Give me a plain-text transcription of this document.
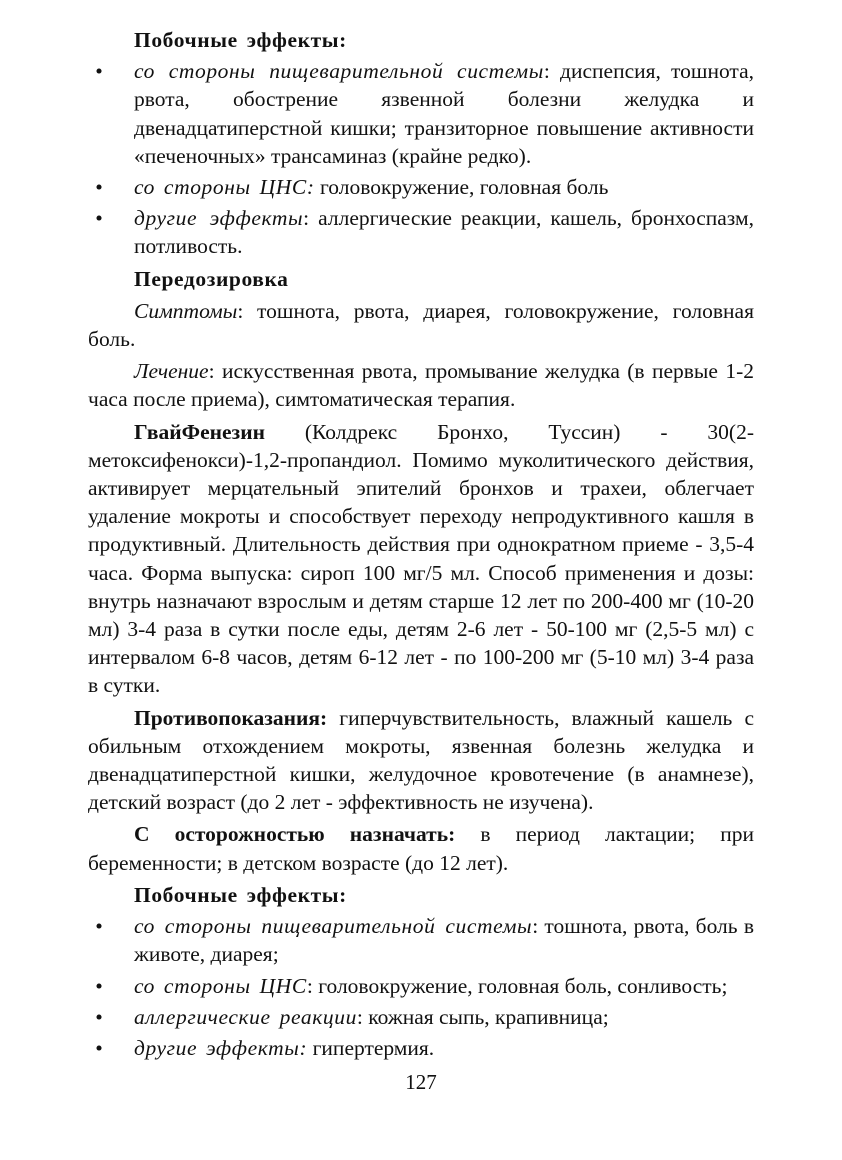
Побочные эффекты:
• со стороны пищеварительной системы: диспепсия, тошнота, рвота, обострение язвенной болезни желудка и двенадцатиперстной кишки; транзиторное повышение активности «печеночных» трансаминаз (крайне редко).
• со стороны ЦНС: головокружение, головная боль
• другие эффекты: аллергические реакции, кашель, бронхоспазм, потливость.
Передозировка

Симптомы: тошнота, рвота, диарея, головокружение, головная боль.

Лечение: искусственная рвота, промывание желудка (в первые 1-2 часа после приема), симтоматическая терапия.

ГвайФенезин (Колдрекс Бронхо, Туссин) - 30(2-метоксифенокси)-1,2-пропандиол. Помимо муколитического действия, активирует мерцательный эпителий бронхов и трахеи, облегчает удаление мокроты и способствует переходу непродуктивного кашля в продуктивный. Длительность действия при однократном приеме - 3,5-4 часа. Форма выпуска: сироп 100 мг/5 мл. Способ применения и дозы: внутрь назначают взрослым и детям старше 12 лет по 200-400 мг (10-20 мл) 3-4 раза в сутки после еды, детям 2-6 лет - 50-100 мг (2,5-5 мл) с интервалом 6-8 часов, детям 6-12 лет - по 100-200 мг (5-10 мл) 3-4 раза в сутки.

Противопоказания: гиперчувствительность, влажный кашель с обильным отхождением мокроты, язвенная болезнь желудка и двенадцатиперстной кишки, желудочное кровотечение (в анамнезе), детский возраст (до 2 лет - эффективность не изучена).

С осторожностью назначать: в период лактации; при беременности; в детском возрасте (до 12 лет).

Побочные эффекты:
• со стороны пищеварительной системы: тошнота, рвота, боль в животе, диарея;
• со стороны ЦНС: головокружение, головная боль, сонливость;
• аллергические реакции: кожная сыпь, крапивница;
• другие эффекты: гипертермия.
127
